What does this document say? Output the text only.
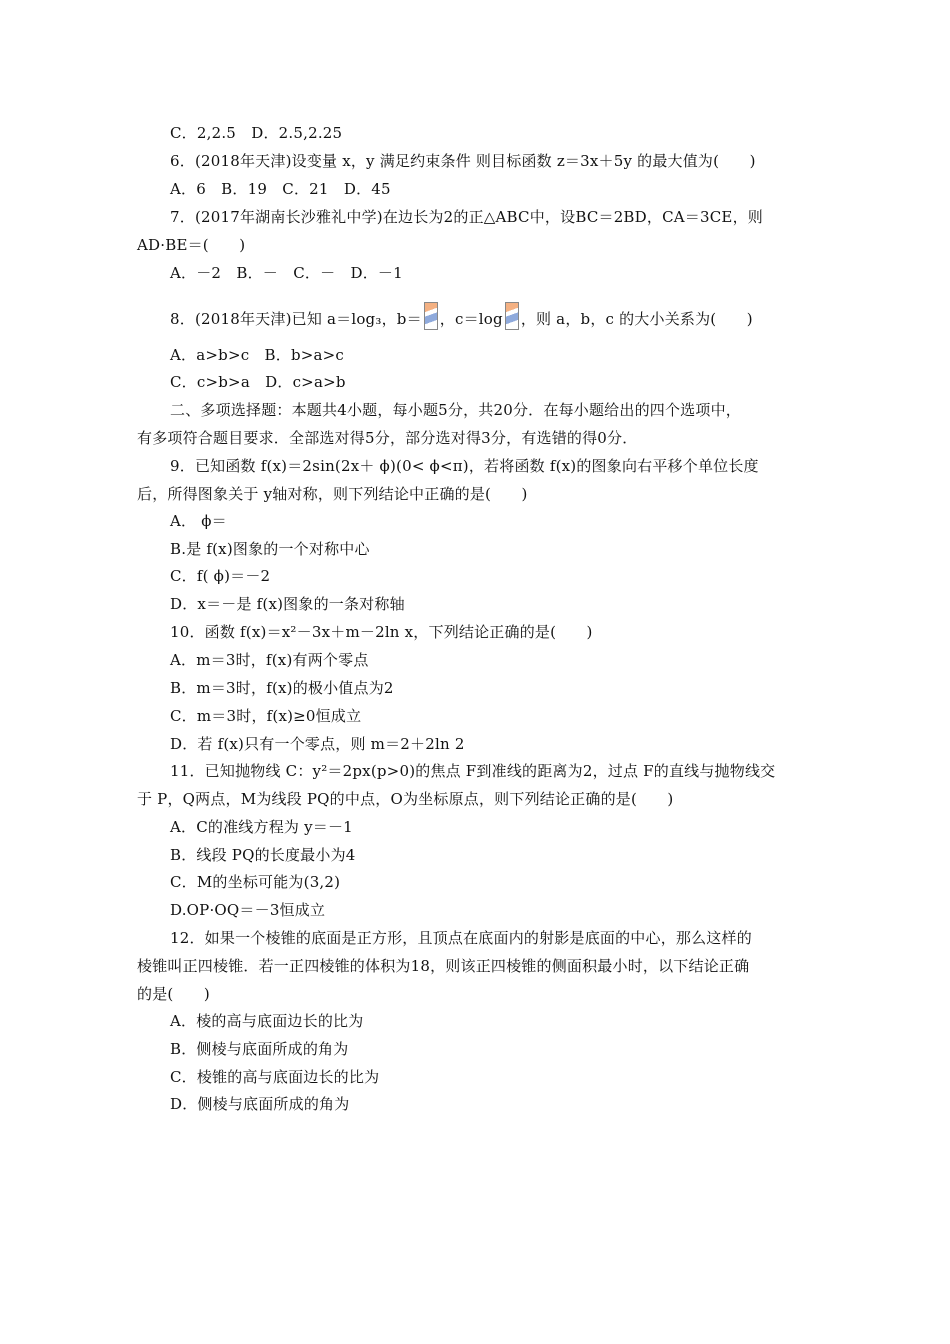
C．2,2.5　D．2.5,2.25
6．(2018年天津)设变量 x，y 满足约束条件 则目标函数 z＝3x＋5y 的最大值为(　　)
A．6　B．19　C．21　D．45
7．(2017年湖南长沙雅礼中学)在边长为2的正△ABC中，设BC＝2BD，CA＝3CE，则
AD·BE＝(　　)
A．－2　B．－　C．－　D．－1
8．(2018年天津)已知 a＝log₃，b＝ ，c＝log ，则 a，b，c 的大小关系为(　　)
A．a>b>c　B．b>a>c
C．c>b>a　D．c>a>b
二、多项选择题：本题共4小题，每小题5分，共20分．在每小题给出的四个选项中，
有多项符合题目要求．全部选对得5分，部分选对得3分，有选错的得0分．
9．已知函数 f(x)＝2sin(2x＋ ϕ)(0< ϕ<π)，若将函数 f(x)的图象向右平移个单位长度
后，所得图象关于 y轴对称，则下列结论中正确的是(　　)
A． ϕ＝
B.是 f(x)图象的一个对称中心
C．f( ϕ)＝－2
D．x＝－是 f(x)图象的一条对称轴
10．函数 f(x)＝x²－3x＋m－2ln x，下列结论正确的是(　　)
A．m＝3时，f(x)有两个零点
B．m＝3时，f(x)的极小值点为2
C．m＝3时，f(x)≥0恒成立
D．若 f(x)只有一个零点，则 m＝2＋2ln 2
11．已知抛物线 C：y²＝2px(p>0)的焦点 F到准线的距离为2，过点 F的直线与抛物线交
于 P，Q两点，M为线段 PQ的中点，O为坐标原点，则下列结论正确的是(　　)
A．C的准线方程为 y＝－1
B．线段 PQ的长度最小为4
C．M的坐标可能为(3,2)
D.OP·OQ＝－3恒成立
12．如果一个棱锥的底面是正方形，且顶点在底面内的射影是底面的中心，那么这样的
棱锥叫正四棱锥．若一正四棱锥的体积为18，则该正四棱锥的侧面积最小时，以下结论正确
的是(　　)
A．棱的高与底面边长的比为
B．侧棱与底面所成的角为
C．棱锥的高与底面边长的比为
D．侧棱与底面所成的角为
